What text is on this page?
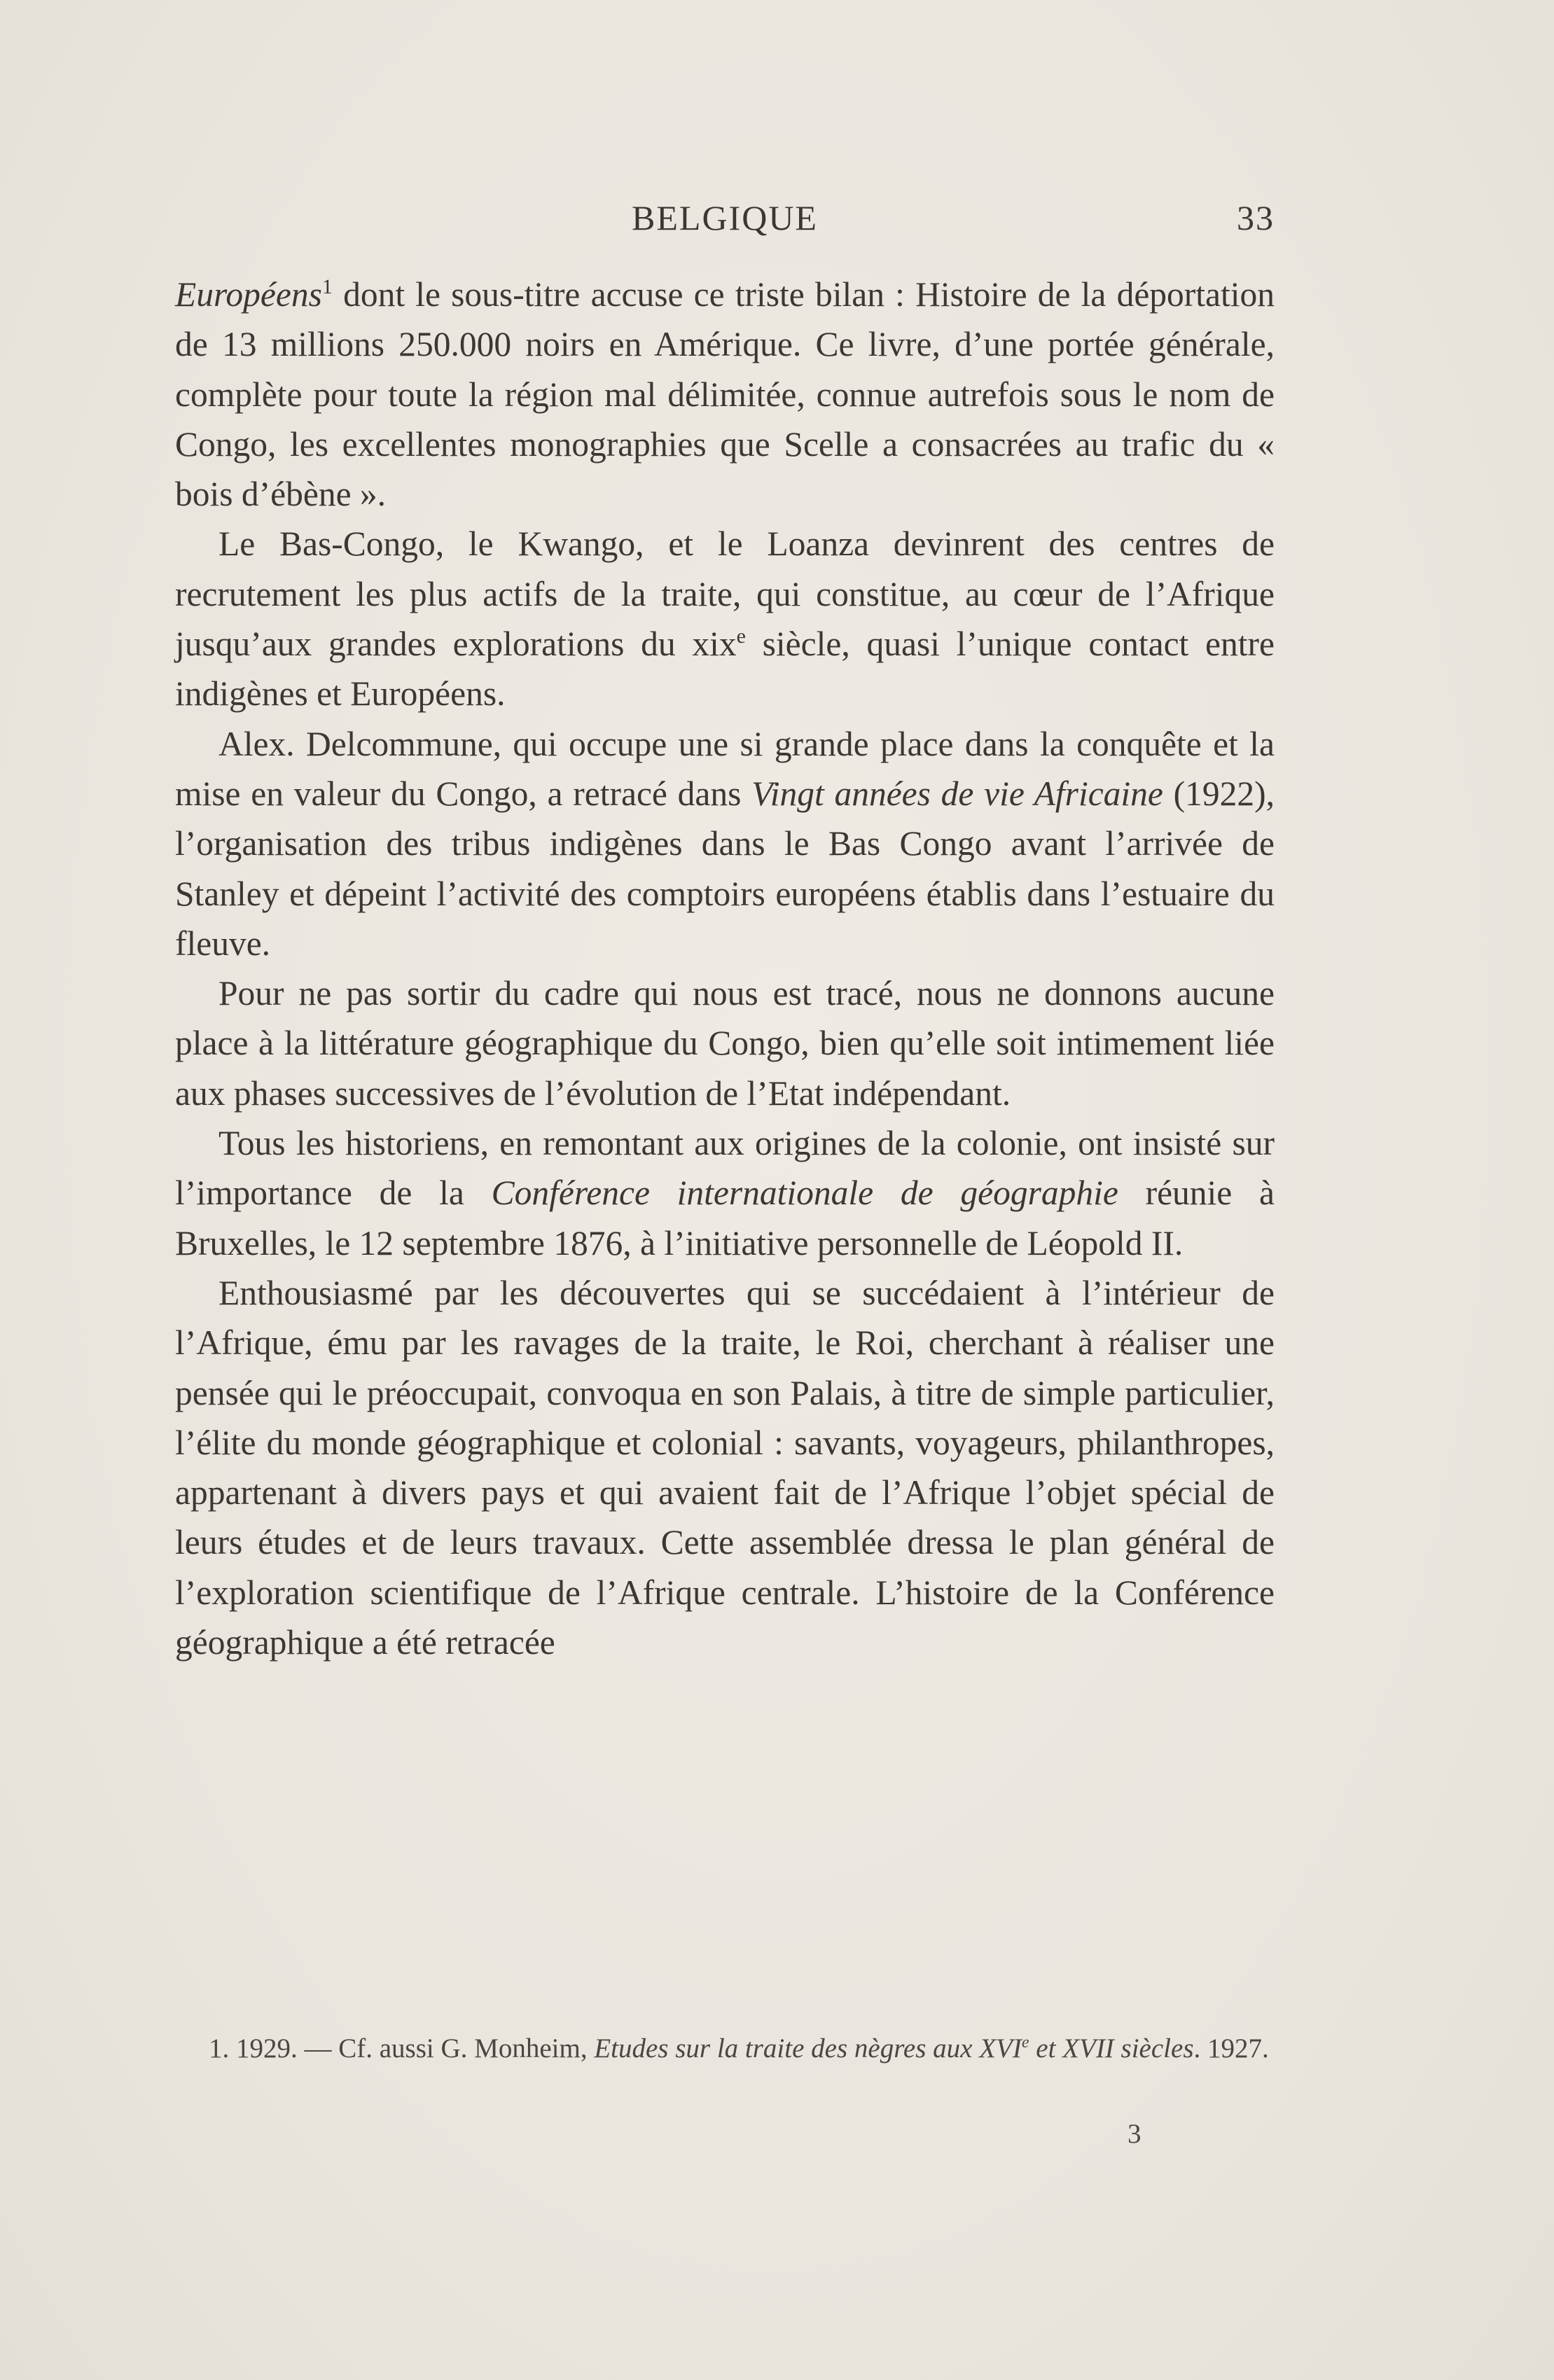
BELGIQUE	33

Européens$^1$ dont le sous-titre accuse ce triste bilan : Histoire de la déportation de 13 millions 250.000 noirs en Amérique. Ce livre, d’une portée générale, complète pour toute la région mal délimitée, connue autrefois sous le nom de Congo, les excellentes monographies que Scelle a consacrées au trafic du « bois d’ébène ».

Le Bas-Congo, le Kwango, et le Loanza devinrent des centres de recrutement les plus actifs de la traite, qui constitue, au cœur de l’Afrique jusqu’aux grandes explorations du xix$^e$ siècle, quasi l’unique contact entre indigènes et Européens.

Alex. Delcommune, qui occupe une si grande place dans la conquête et la mise en valeur du Congo, a retracé dans Vingt années de vie Africaine (1922), l’organisation des tribus indigènes dans le Bas Congo avant l’arrivée de Stanley et dépeint l’activité des comptoirs européens établis dans l’estuaire du fleuve.

Pour ne pas sortir du cadre qui nous est tracé, nous ne donnons aucune place à la littérature géographique du Congo, bien qu’elle soit intimement liée aux phases successives de l’évolution de l’Etat indépendant.

Tous les historiens, en remontant aux origines de la colonie, ont insisté sur l’importance de la Conférence internationale de géographie réunie à Bruxelles, le 12 septembre 1876, à l’initiative personnelle de Léopold II.

Enthousiasmé par les découvertes qui se succédaient à l’intérieur de l’Afrique, ému par les ravages de la traite, le Roi, cherchant à réaliser une pensée qui le préoccupait, convoqua en son Palais, à titre de simple particulier, l’élite du monde géographique et colonial : savants, voyageurs, philanthropes, appartenant à divers pays et qui avaient fait de l’Afrique l’objet spécial de leurs études et de leurs travaux. Cette assemblée dressa le plan général de l’exploration scientifique de l’Afrique centrale. L’histoire de la Conférence géographique a été retracée

1. 1929. — Cf. aussi G. Monheim, Etudes sur la traite des nègres aux XVIe et XVII siècles. 1927.
3
